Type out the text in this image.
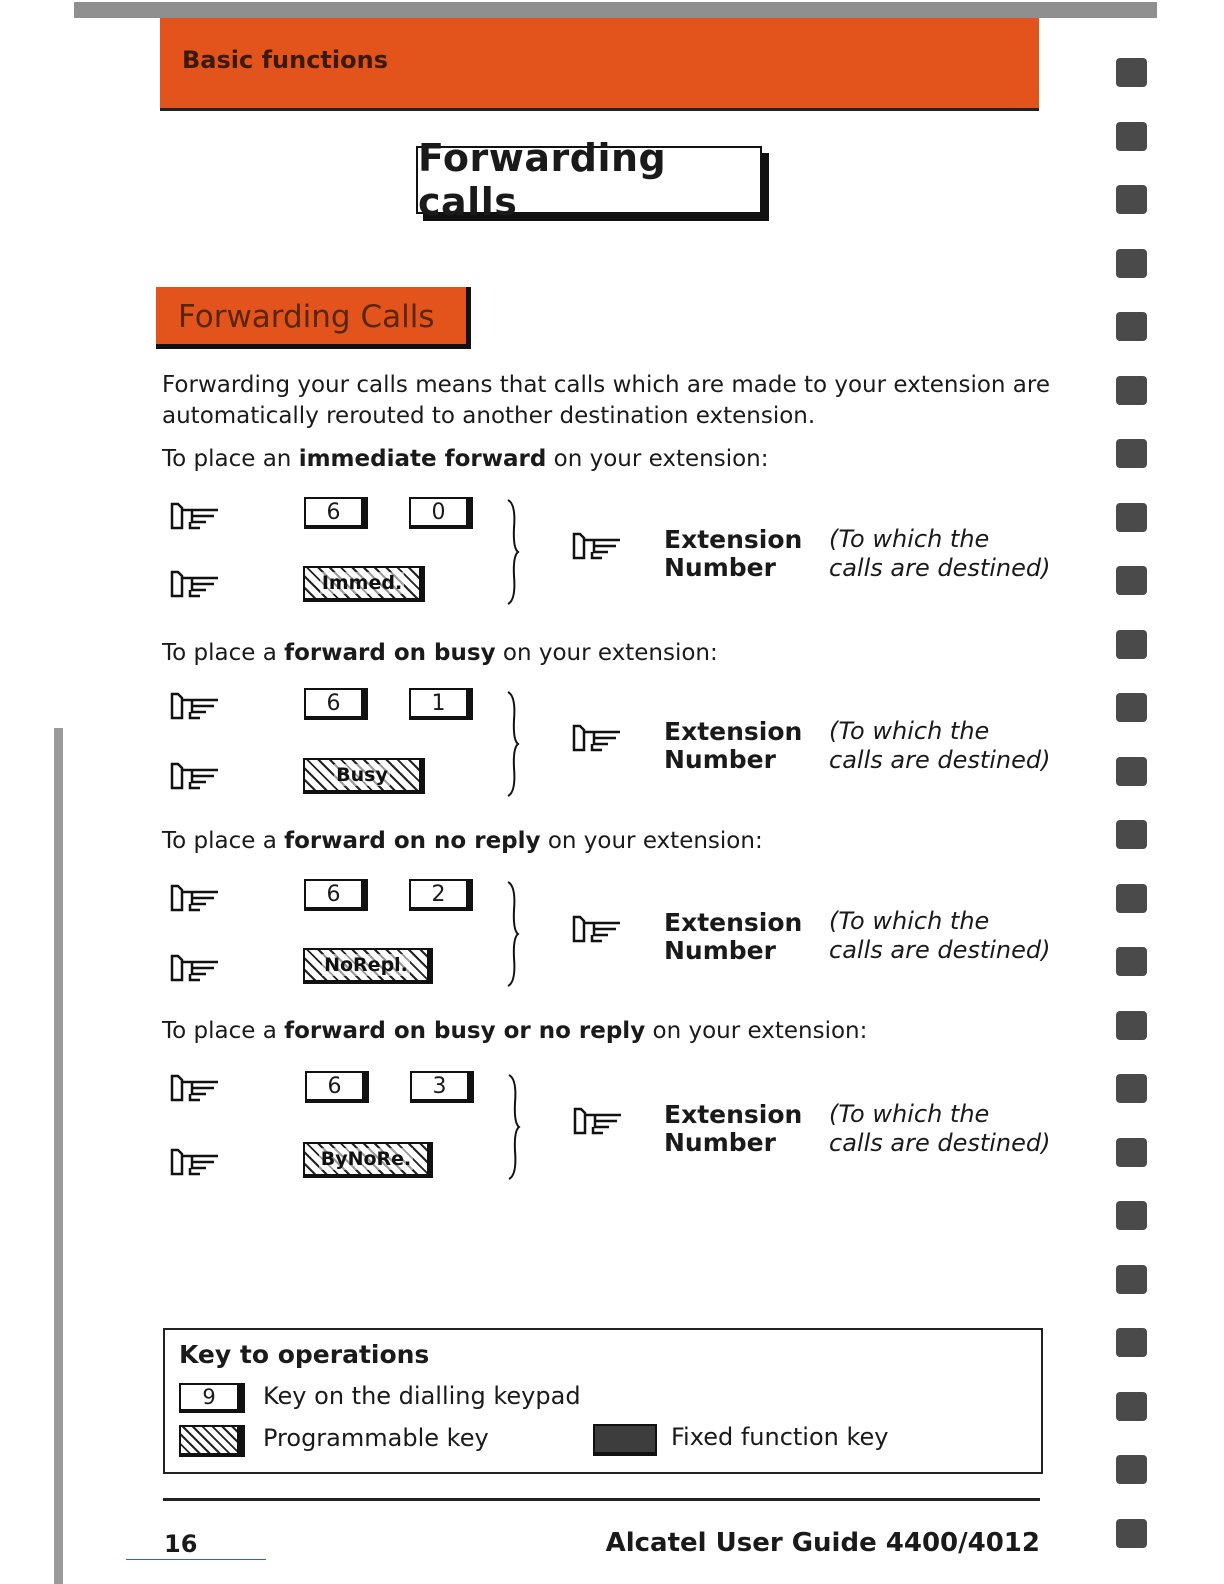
Basic functions
Forwarding calls
Forwarding Calls
Forwarding your calls means that calls which are made to your extension are automatically rerouted to another destination extension.
To place an immediate forward on your extension:
6	0
Immed.
Extension
Number
(To which the
calls are destined)
To place a forward on busy on your extension:
6	1
Busy
Extension
Number
(To which the
calls are destined)
To place a forward on no reply on your extension:
6	2
NoRepl.
Extension
Number
(To which the
calls are destined)
To place a forward on busy or no reply on your extension:
6	3
ByNoRe.
Extension
Number
(To which the
calls are destined)
Key to operations
9	Key on the dialling keypad
Programmable key	Fixed function key
16	Alcatel User Guide 4400/4012
